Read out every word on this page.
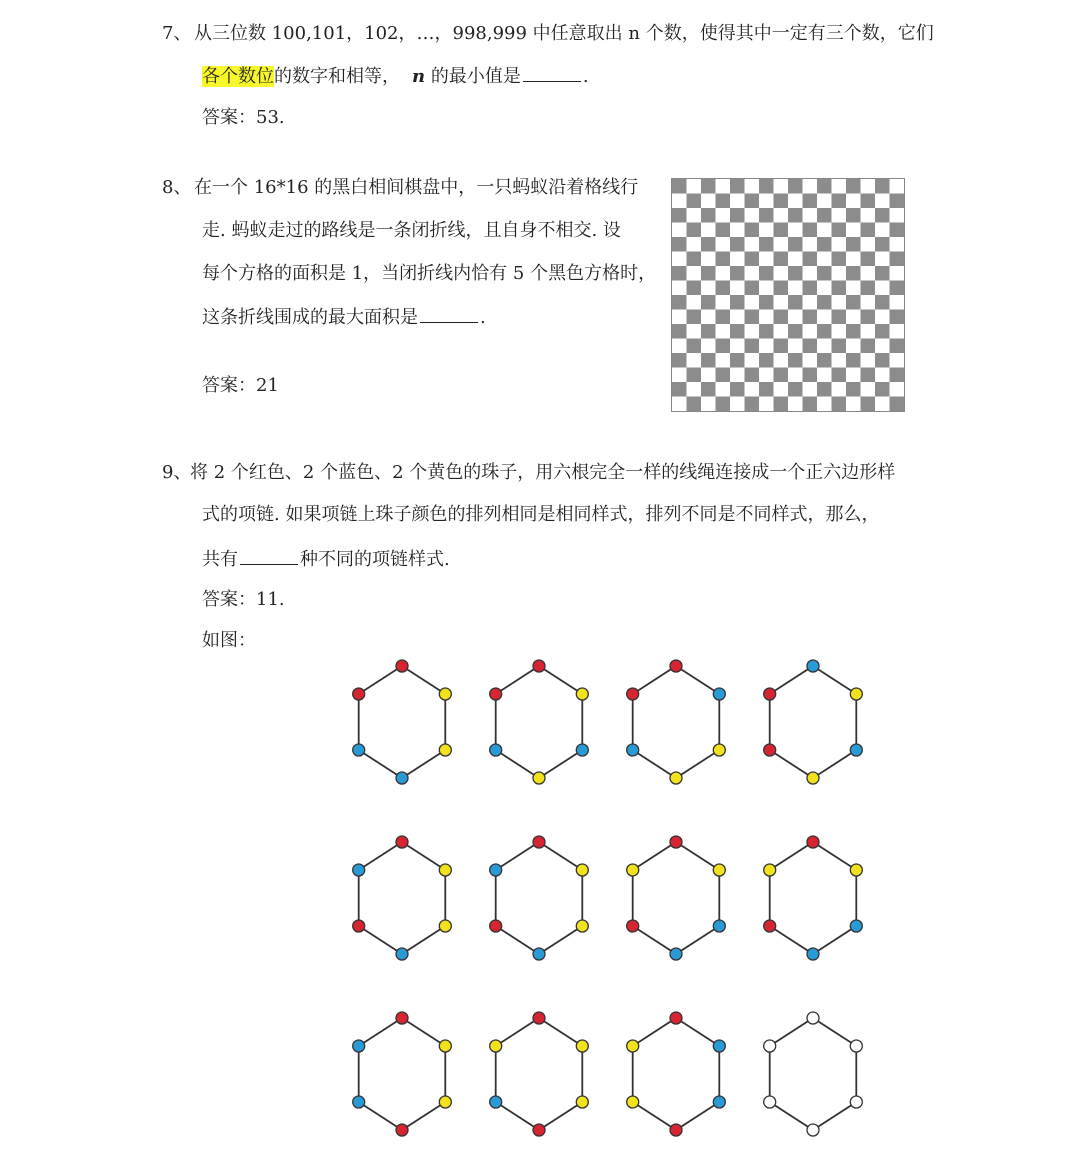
7、 从三位数 100,101，102，…，998,999 中任意取出 n 个数，使得其中一定有三个数，它们
各个数位的数字和相等， n 的最小值是	.
答案：53.
8、 在一个 16*16 的黑白相间棋盘中，一只蚂蚁沿着格线行
走. 蚂蚁走过的路线是一条闭折线，且自身不相交. 设
每个方格的面积是 1，当闭折线内恰有 5 个黑色方格时，
这条折线围成的最大面积是	.
答案：21
9、
将 2 个红色、2 个蓝色、2 个黄色的珠子，用六根完全一样的线绳连接成一个正六边形样
式的项链. 如果项链上珠子颜色的排列相同是相同样式，排列不同是不同样式，那么，
共有	种不同的项链样式.
答案：11.
如图：
